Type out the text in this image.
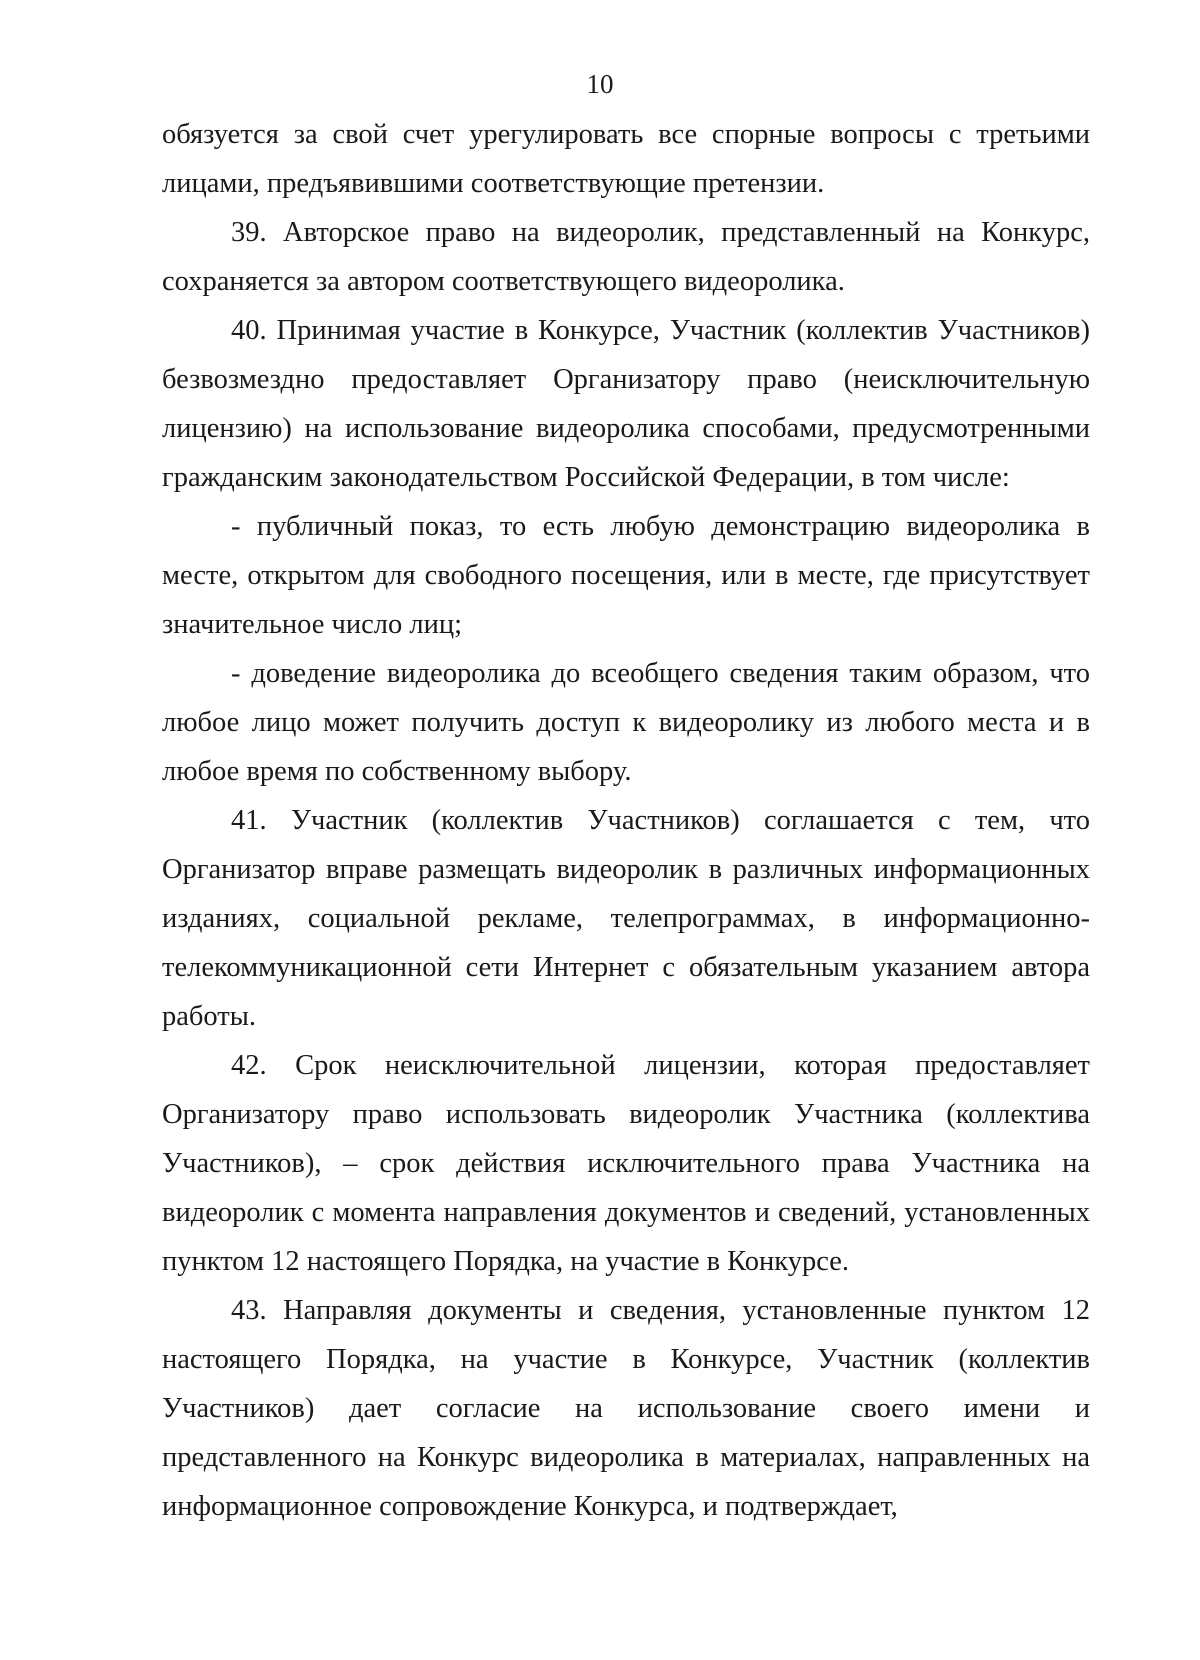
10

обязуется за свой счет урегулировать все спорные вопросы с третьими лицами, предъявившими соответствующие претензии.

39. Авторское право на видеоролик, представленный на Конкурс, сохраняется за автором соответствующего видеоролика.

40. Принимая участие в Конкурсе, Участник (коллектив Участников) безвозмездно предоставляет Организатору право (неисключительную лицензию) на использование видеоролика способами, предусмотренными гражданским законодательством Российской Федерации, в том числе:

- публичный показ, то есть любую демонстрацию видеоролика в месте, открытом для свободного посещения, или в месте, где присутствует значительное число лиц;

- доведение видеоролика до всеобщего сведения таким образом, что любое лицо может получить доступ к видеоролику из любого места и в любое время по собственному выбору.

41. Участник (коллектив Участников) соглашается с тем, что Организатор вправе размещать видеоролик в различных информационных изданиях, социальной рекламе, телепрограммах, в информационно-телекоммуникационной сети Интернет с обязательным указанием автора работы.

42. Срок неисключительной лицензии, которая предоставляет Организатору право использовать видеоролик Участника (коллектива Участников), – срок действия исключительного права Участника на видеоролик с момента направления документов и сведений, установленных пунктом 12 настоящего Порядка, на участие в Конкурсе.

43. Направляя документы и сведения, установленные пунктом 12 настоящего Порядка, на участие в Конкурсе, Участник (коллектив Участников) дает согласие на использование своего имени и представленного на Конкурс видеоролика в материалах, направленных на информационное сопровождение Конкурса, и подтверждает,
